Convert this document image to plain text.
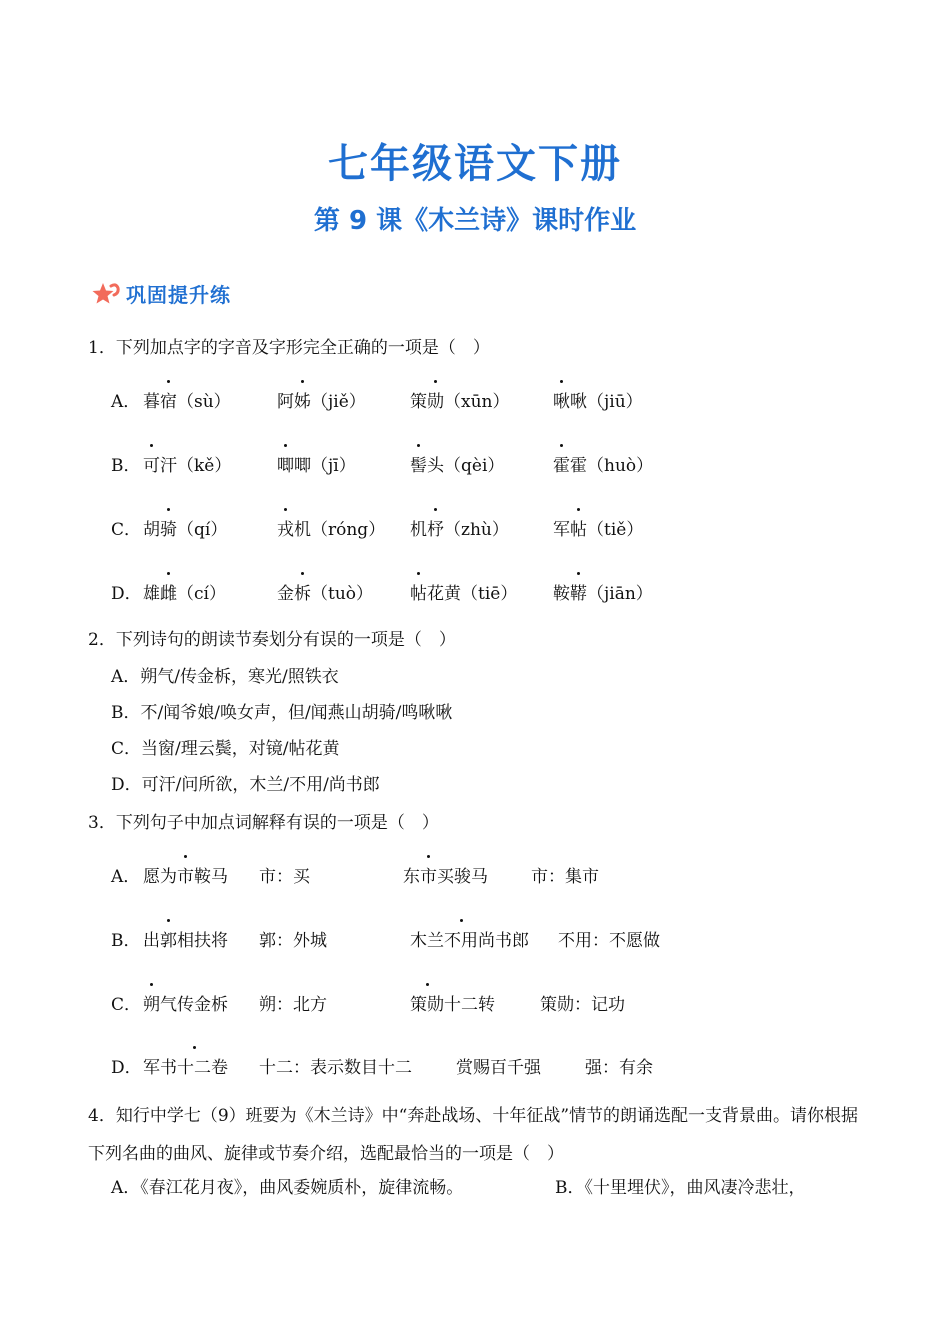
七年级语文下册
第 9 课《木兰诗》课时作业
巩固提升练
1．下列加点字的字音及字形完全正确的一项是（　）
A． 暮宿（sù）	阿姊（jiě）	策勋（xūn）	啾啾（jiū）
B． 可汗（kě）	唧唧（jī）	髻头（qèi）	霍霍（huò）
C． 胡骑（qí）	戎机（róng） 机杼（zhù）	军帖（tiě）
D． 雄雌（cí）	金柝（tuò） 帖花黄（tiē） 鞍鞯（jiān）
2．下列诗句的朗读节奏划分有误的一项是（　）
A．朔气/传金柝，寒光/照铁衣
B．不/闻爷娘/唤女声，但/闻燕山胡骑/鸣啾啾
C．当窗/理云鬓，对镜/帖花黄
D．可汗/问所欲，木兰/不用/尚书郎
3．下列句子中加点词解释有误的一项是（　）
A． 愿为市鞍马 市：买	东市买骏马	市：集市
B． 出郭相扶将 郭：外城	木兰不用尚书郎 不用：不愿做
C． 朔气传金柝 朔：北方	策勋十二转	策勋：记功
D． 军书十二卷 十二：表示数目十二	赏赐百千强	强：有余
4．知行中学七（9）班要为《木兰诗》中“奔赴战场、十年征战”情节的朗诵选配一支背景曲。请你根据下列名曲的曲风、旋律或节奏介绍，选配最恰当的一项是（　）
A．《春江花月夜》，曲风委婉质朴，旋律流畅。	B．《十里埋伏》，曲风凄冷悲壮，
